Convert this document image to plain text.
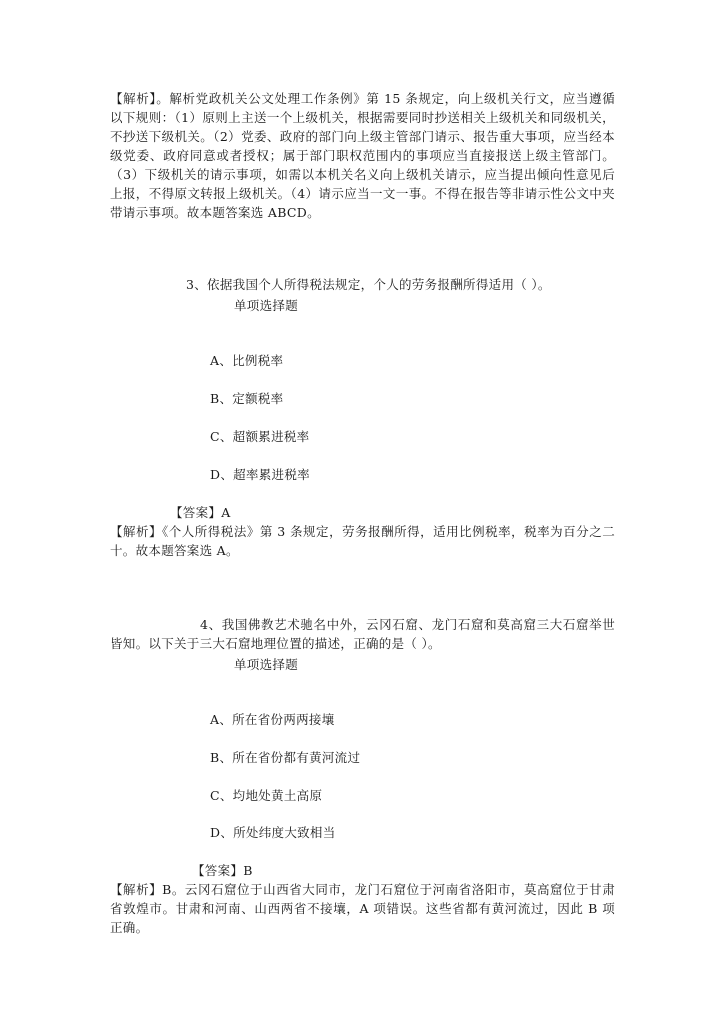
【解析】。解析党政机关公文处理工作条例》第 15 条规定，向上级机关行文，应当遵循以下规则：（1）原则上主送一个上级机关，根据需要同时抄送相关上级机关和同级机关，不抄送下级机关。（2）党委、政府的部门向上级主管部门请示、报告重大事项，应当经本级党委、政府同意或者授权；属于部门职权范围内的事项应当直接报送上级主管部门。（3）下级机关的请示事项，如需以本机关名义向上级机关请示，应当提出倾向性意见后上报，不得原文转报上级机关。（4）请示应当一文一事。不得在报告等非请示性公文中夹带请示事项。故本题答案选 ABCD。
3、依据我国个人所得税法规定，个人的劳务报酬所得适用（ ）。
单项选择题
A、比例税率
B、定额税率
C、超额累进税率
D、超率累进税率
【答案】A
【解析】《个人所得税法》第 3 条规定，劳务报酬所得，适用比例税率，税率为百分之二十。故本题答案选 A。
4、我国佛教艺术驰名中外，云冈石窟、龙门石窟和莫高窟三大石窟举世皆知。以下关于三大石窟地理位置的描述，正确的是（ ）。
单项选择题
A、所在省份两两接壤
B、所在省份都有黄河流过
C、均地处黄土高原
D、所处纬度大致相当
【答案】B
【解析】B。云冈石窟位于山西省大同市，龙门石窟位于河南省洛阳市，莫高窟位于甘肃省敦煌市。甘肃和河南、山西两省不接壤，A 项错误。这些省都有黄河流过，因此 B 项正确。
